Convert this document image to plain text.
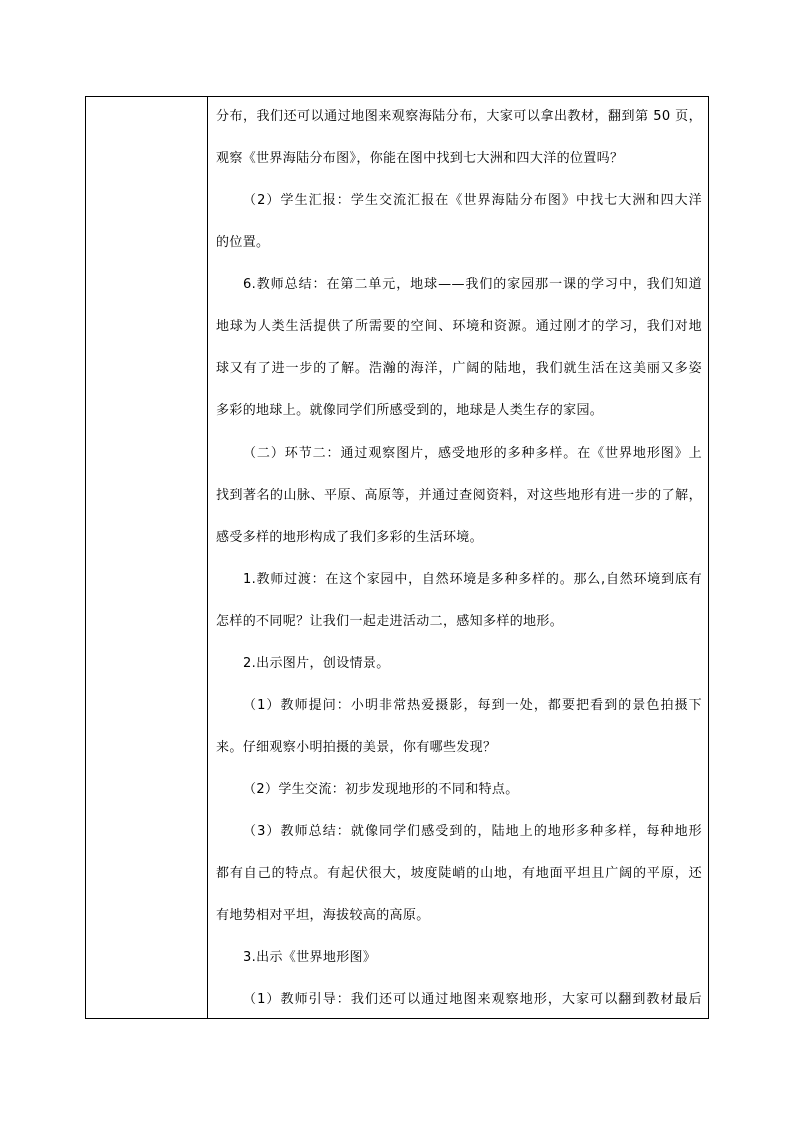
分布，我们还可以通过地图来观察海陆分布，大家可以拿出教材，翻到第 50 页，
观察《世界海陆分布图》，你能在图中找到七大洲和四大洋的位置吗？
（2）学生汇报：学生交流汇报在《世界海陆分布图》中找七大洲和四大洋
的位置。
6.教师总结：在第二单元，地球——我们的家园那一课的学习中，我们知道
地球为人类生活提供了所需要的空间、环境和资源。通过刚才的学习，我们对地
球又有了进一步的了解。浩瀚的海洋，广阔的陆地，我们就生活在这美丽又多姿
多彩的地球上。就像同学们所感受到的，地球是人类生存的家园。
（二）环节二：通过观察图片，感受地形的多种多样。在《世界地形图》上
找到著名的山脉、平原、高原等，并通过查阅资料，对这些地形有进一步的了解，
感受多样的地形构成了我们多彩的生活环境。
1.教师过渡：在这个家园中，自然环境是多种多样的。那么,自然环境到底有
怎样的不同呢？让我们一起走进活动二，感知多样的地形。
2.出示图片，创设情景。
（1）教师提问：小明非常热爱摄影，每到一处，都要把看到的景色拍摄下
来。仔细观察小明拍摄的美景，你有哪些发现？
（2）学生交流：初步发现地形的不同和特点。
（3）教师总结：就像同学们感受到的，陆地上的地形多种多样，每种地形
都有自己的特点。有起伏很大，坡度陡峭的山地，有地面平坦且广阔的平原，还
有地势相对平坦，海拔较高的高原。
3.出示《世界地形图》
（1）教师引导：我们还可以通过地图来观察地形，大家可以翻到教材最后
